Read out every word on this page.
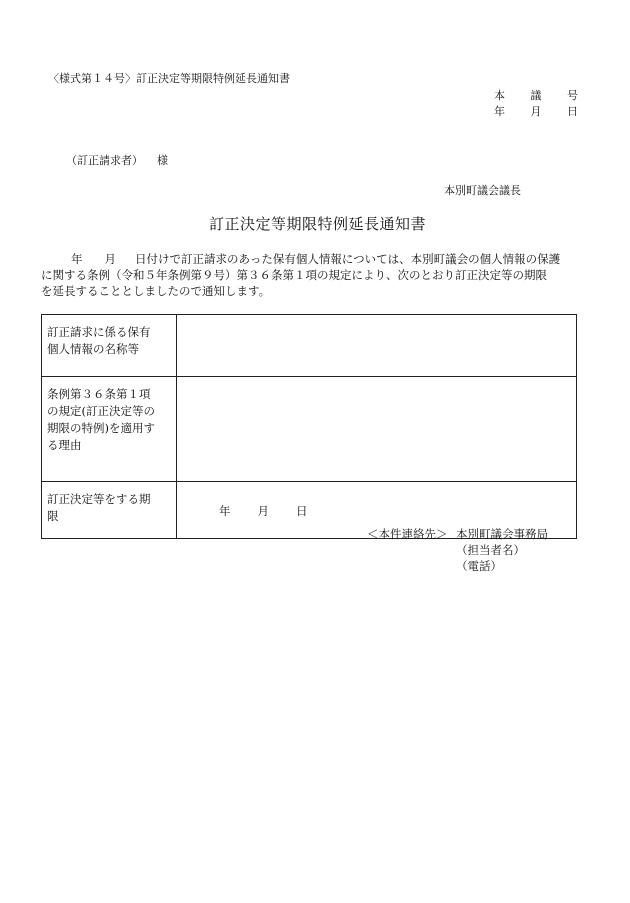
〈様式第１４号〉訂正決定等期限特例延長通知書
本 議 号
年 月 日
（訂正請求者） 様
本別町議会議長
訂正決定等期限特例延長通知書
年 月 日付けで訂正請求のあった保有個人情報については、本別町議会の個人情報の保護
に関する条例（令和５年条例第９号）第３６条第１項の規定により、次のとおり訂正決定等の期限
を延長することとしましたので通知します。
訂正請求に係る保有
個人情報の名称等	

条例第３６条第１項
の規定(訂正決定等の
期限の特例)を適用す
る理由	

訂正決定等をする期
限	年 月 日
＜本件連絡先＞ 本別町議会事務局
（担当者名）
（電話）
